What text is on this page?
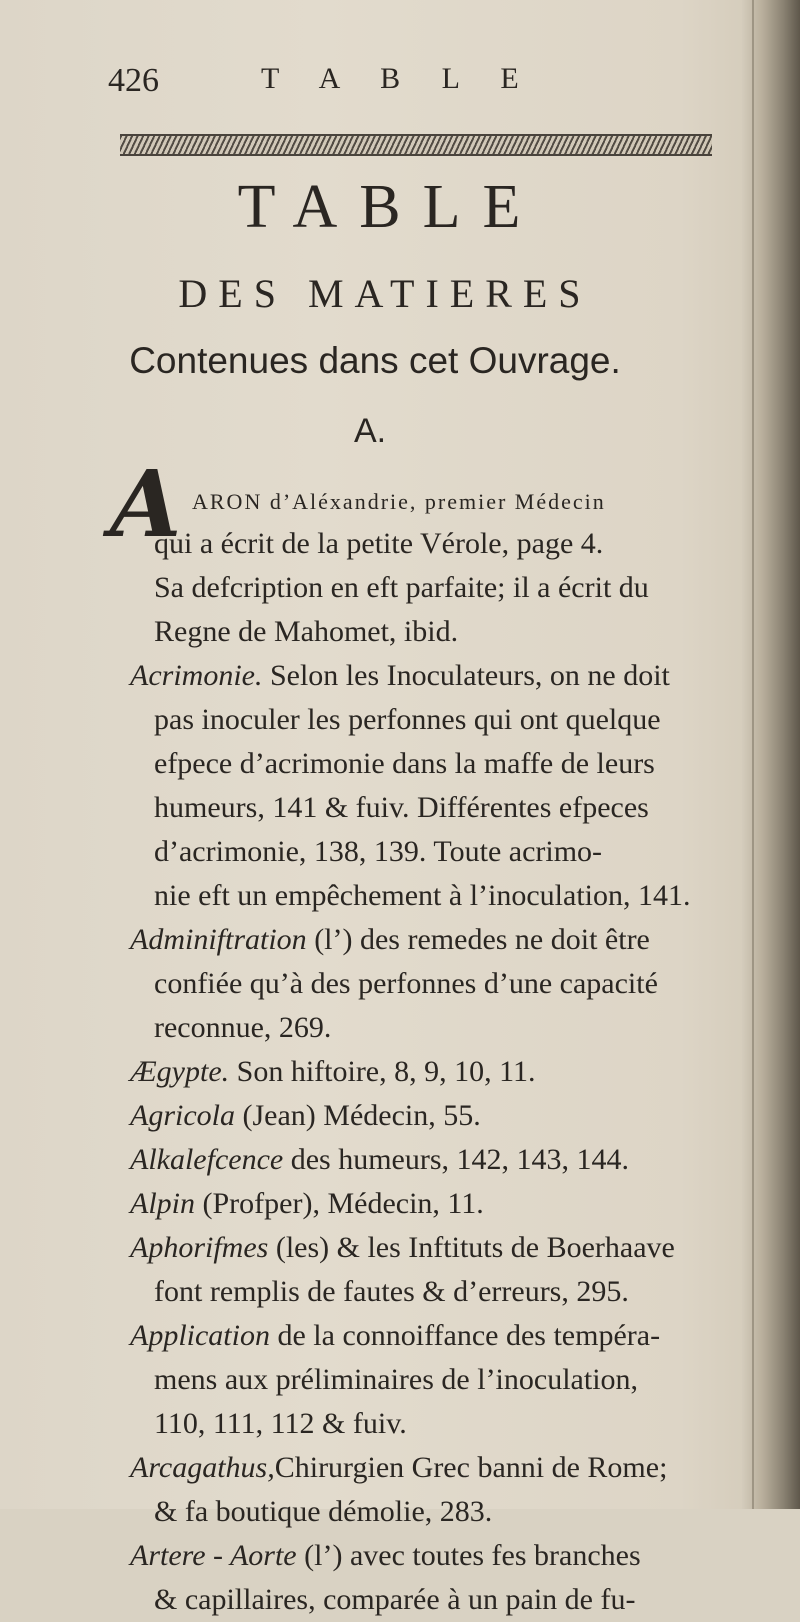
426	T A B L E
TABLE
DES MATIERES
Contenues dans cet Ouvrage.
A.
A ARON d’Aléxandrie, premier Médecin
qui a écrit de la petite Vérole, page 4.
Sa defcription en eft parfaite; il a écrit du
Regne de Mahomet, ibid.
Acrimonie. Selon les Inoculateurs, on ne doit
pas inoculer les perfonnes qui ont quelque
efpece d’acrimonie dans la maffe de leurs
humeurs, 141 & fuiv. Différentes efpeces
d’acrimonie, 138, 139. Toute acrimo-
nie eft un empêchement à l’inoculation, 141.
Adminiftration (l’) des remedes ne doit être
confiée qu’à des perfonnes d’une capacité
reconnue, 269.
Ægypte. Son hiftoire, 8, 9, 10, 11.
Agricola (Jean) Médecin, 55.
Alkalefcence des humeurs, 142, 143, 144.
Alpin (Profper), Médecin, 11.
Aphorifmes (les) & les Inftituts de Boerhaave
font remplis de fautes & d’erreurs, 295.
Application de la connoiffance des tempéra-
mens aux préliminaires de l’inoculation,
110, 111, 112 & fuiv.
Arcagathus,Chirurgien Grec banni de Rome;
& fa boutique démolie, 283.
Artere - Aorte (l’) avec toutes fes branches
& capillaires, comparée à un pain de fu-
